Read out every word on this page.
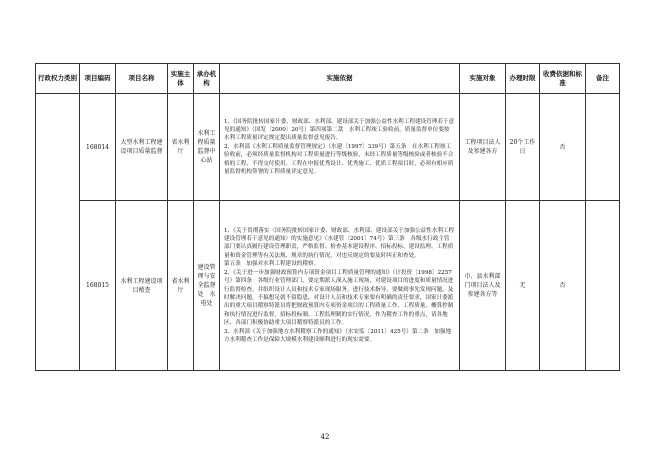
行政权力类别	项目编码	项目名称	实施主体	承办机构	实施依据	实施对象	办理时限	收费依据和标准	备注
	168014	大型水利工程建设项目质量监督	省水利厅	水利工程质量监督中心站	1、《国务院批转国家计委、财政部、水利部、建设部关于加强公益性水利工程建设管理若干意见的通知》（国发〔2000〕20号）第四项第二款　水利工程竣工验收前，质量监督单位要按水利工程质量评定规定提出质量监督意见报告。

2、水利部《水利工程质量监督管理规定》（水建〔1997〕339号）第五条　在水利工程竣工验收前，必须经质量监督机构对工程质量进行等级核验，未经工程质量等级核验或者核验不合格的工程，不得交付使用。工程在申报优秀设计、优秀施工、优质工程项目时，必须有相应质量监督机构签署的工程质量评定意见。	工程项目法人及参建各方	20个工作日	否	
	168015	水利工程建设项目稽查	省水利厅	建设管理与安全监督处　水电处	1、《关于贯彻落实〈国务院批转国家计委、财政部、水利部、建设部关于加强公益性水利工程建设管理若干意见的通知〉的实施意见》（水建管〔2001〕74号）第三条　各级水行政主管部门要认真履行建设管理职责，严格监督、检查基本建设程序、招标投标、建设监理、工程质量和资金管理等有关法规、规章的执行情况，对违反规定的要及时纠正和查处。

第五条　加强对水利工程建设的稽察。

2、《关于进一步加强财政预算内专项资金项目工程质量管理的通知》（计投资〔1998〕2257号）第四条　各级行业管理部门，要定期派人深入施工现场，对建设项目的进度和质量情况进行监督检查，并组织设计人员和技术专家现场服务，进行技术指导。要做到事先发现问题，及时解决问题，不搞想足就不留隐患，对设计人员和技术专家要有明确的责任要求，国家计委派出的重大项目稽察特派员将把财政预算内专项资金项目的工程质量工作、工程质量、概算控制和执行情况进行监督、招标投标制、工程监理制的实行情况，作为稽查工作的重点，请各地区、各部门积极协助重大项目稽察特派员的工作。

3、水利部《关于加强地方水利稽察工作的通知》（水安监〔2011〕425号）第二条　加强地方水利稽查工作是保障大规模水利建设顺利进行的现实需要。	市、县水利部门项目法人及参建各方等	无	否	
42
